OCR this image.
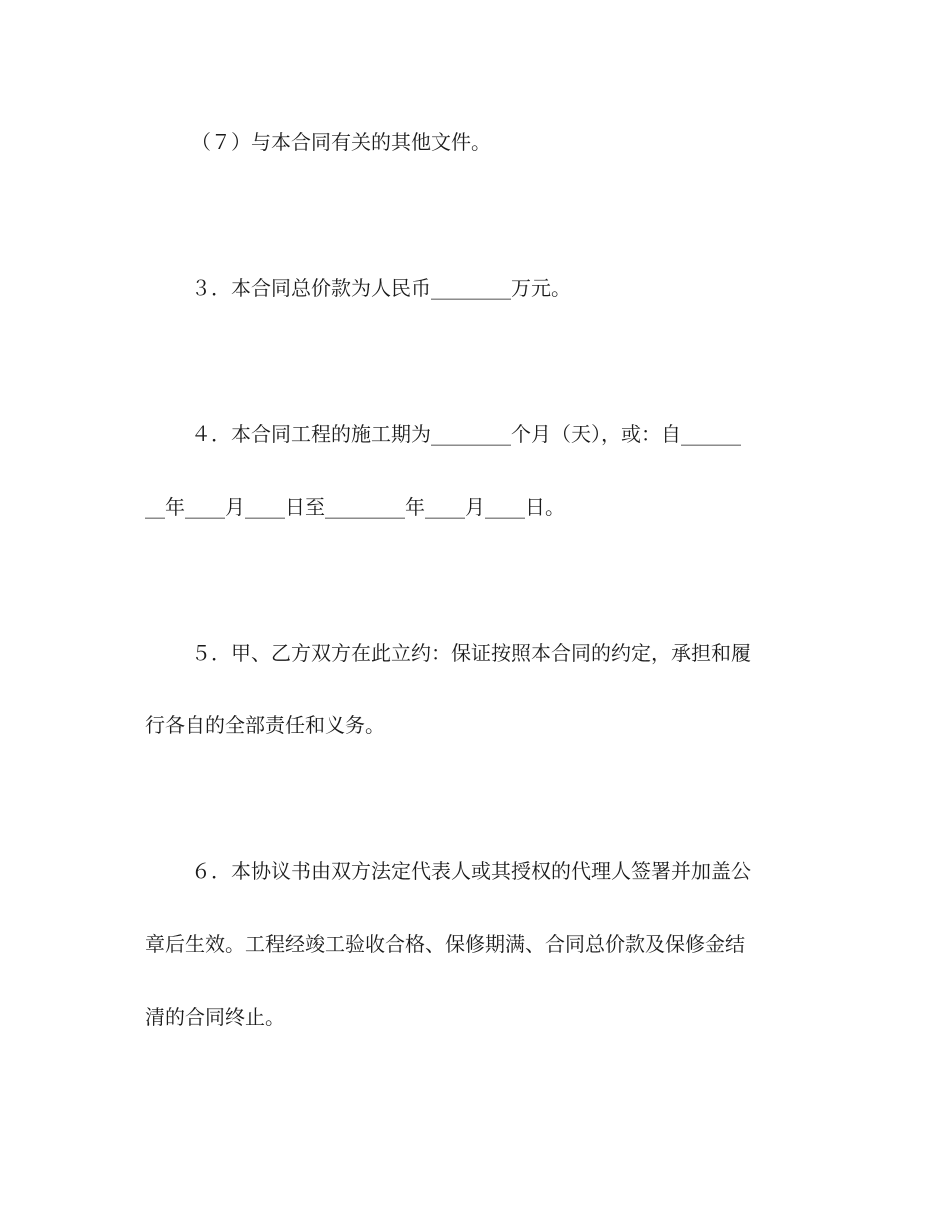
（７）与本合同有关的其他文件。
３．本合同总价款为人民币________万元。
４．本合同工程的施工期为________个月（天），或：自______
__年____月____日至________年____月____日。
５．甲、乙方双方在此立约：保证按照本合同的约定，承担和履
行各自的全部责任和义务。
６．本协议书由双方法定代表人或其授权的代理人签署并加盖公
章后生效。工程经竣工验收合格、保修期满、合同总价款及保修金结
清的合同终止。
